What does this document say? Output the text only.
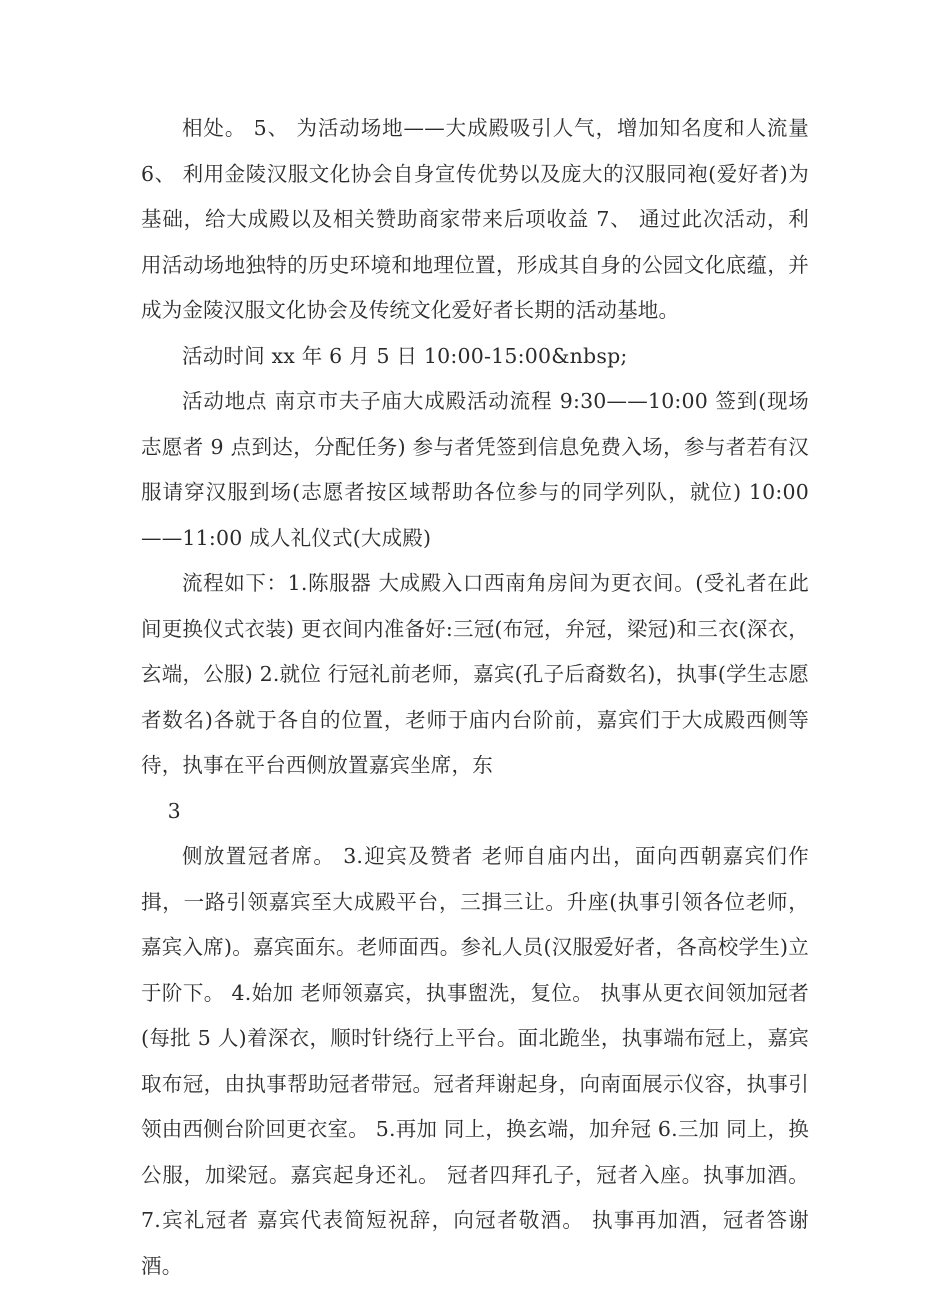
相处。 5、 为活动场地——大成殿吸引人气，增加知名度和人流量 6、 利用金陵汉服文化协会自身宣传优势以及庞大的汉服同袍(爱好者)为基础，给大成殿以及相关赞助商家带来后项收益 7、 通过此次活动，利用活动场地独特的历史环境和地理位置，形成其自身的公园文化底蕴，并成为金陵汉服文化协会及传统文化爱好者长期的活动基地。

活动时间 xx 年 6 月 5 日 10:00-15:00&nbsp;

活动地点 南京市夫子庙大成殿活动流程 9:30——10:00 签到(现场志愿者 9 点到达，分配任务) 参与者凭签到信息免费入场，参与者若有汉服请穿汉服到场(志愿者按区域帮助各位参与的同学列队，就位) 10:00——11:00 成人礼仪式(大成殿)

流程如下：1.陈服器 大成殿入口西南角房间为更衣间。(受礼者在此间更换仪式衣装) 更衣间内准备好:三冠(布冠，弁冠，梁冠)和三衣(深衣，玄端，公服) 2.就位 行冠礼前老师，嘉宾(孔子后裔数名)，执事(学生志愿者数名)各就于各自的位置，老师于庙内台阶前，嘉宾们于大成殿西侧等待，执事在平台西侧放置嘉宾坐席，东

3

侧放置冠者席。 3.迎宾及赞者 老师自庙内出，面向西朝嘉宾们作揖，一路引领嘉宾至大成殿平台，三揖三让。升座(执事引领各位老师，嘉宾入席)。嘉宾面东。老师面西。参礼人员(汉服爱好者，各高校学生)立于阶下。 4.始加 老师领嘉宾，执事盥洗，复位。 执事从更衣间领加冠者(每批 5 人)着深衣，顺时针绕行上平台。面北跪坐，执事端布冠上，嘉宾取布冠，由执事帮助冠者带冠。冠者拜谢起身，向南面展示仪容，执事引领由西侧台阶回更衣室。 5.再加 同上，换玄端，加弁冠 6.三加 同上，换公服，加梁冠。嘉宾起身还礼。 冠者四拜孔子，冠者入座。执事加酒。 7.宾礼冠者 嘉宾代表简短祝辞，向冠者敬酒。 执事再加酒，冠者答谢酒。
